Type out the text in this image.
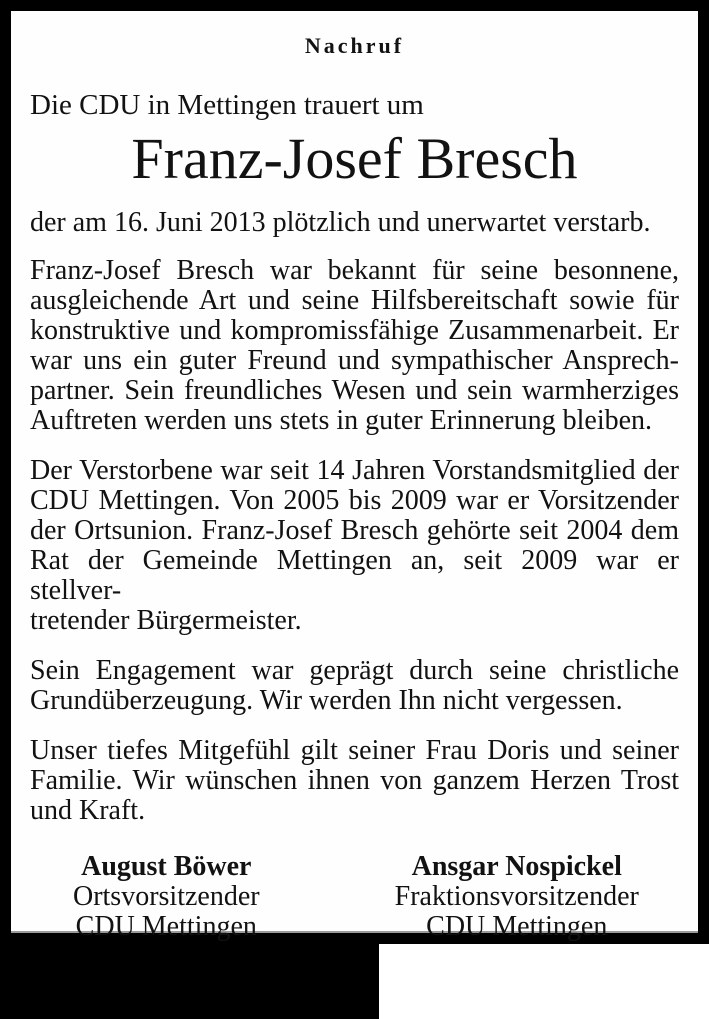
Nachruf
Die CDU in Mettingen trauert um
Franz-Josef Bresch
der am 16. Juni 2013 plötzlich und unerwartet verstarb.

Franz-Josef Bresch war bekannt für seine besonnene,
ausgleichende Art und seine Hilfsbereitschaft sowie für
konstruktive und kompromissfähige Zusammenarbeit. Er
war uns ein guter Freund und sympathischer Ansprech-
partner. Sein freundliches Wesen und sein warmherziges
Auftreten werden uns stets in guter Erinnerung bleiben.

Der Verstorbene war seit 14 Jahren Vorstandsmitglied der
CDU Mettingen. Von 2005 bis 2009 war er Vorsitzender
der Ortsunion. Franz-Josef Bresch gehörte seit 2004 dem
Rat der Gemeinde Mettingen an, seit 2009 war er stellver-
tretender Bürgermeister.

Sein Engagement war geprägt durch seine christliche
Grundüberzeugung. Wir werden Ihn nicht vergessen.

Unser tiefes Mitgefühl gilt seiner Frau Doris und seiner
Familie. Wir wünschen ihnen von ganzem Herzen Trost
und Kraft.

August Böwer
Ortsvorsitzender
CDU Mettingen
Ansgar Nospickel
Fraktionsvorsitzender
CDU Mettingen
